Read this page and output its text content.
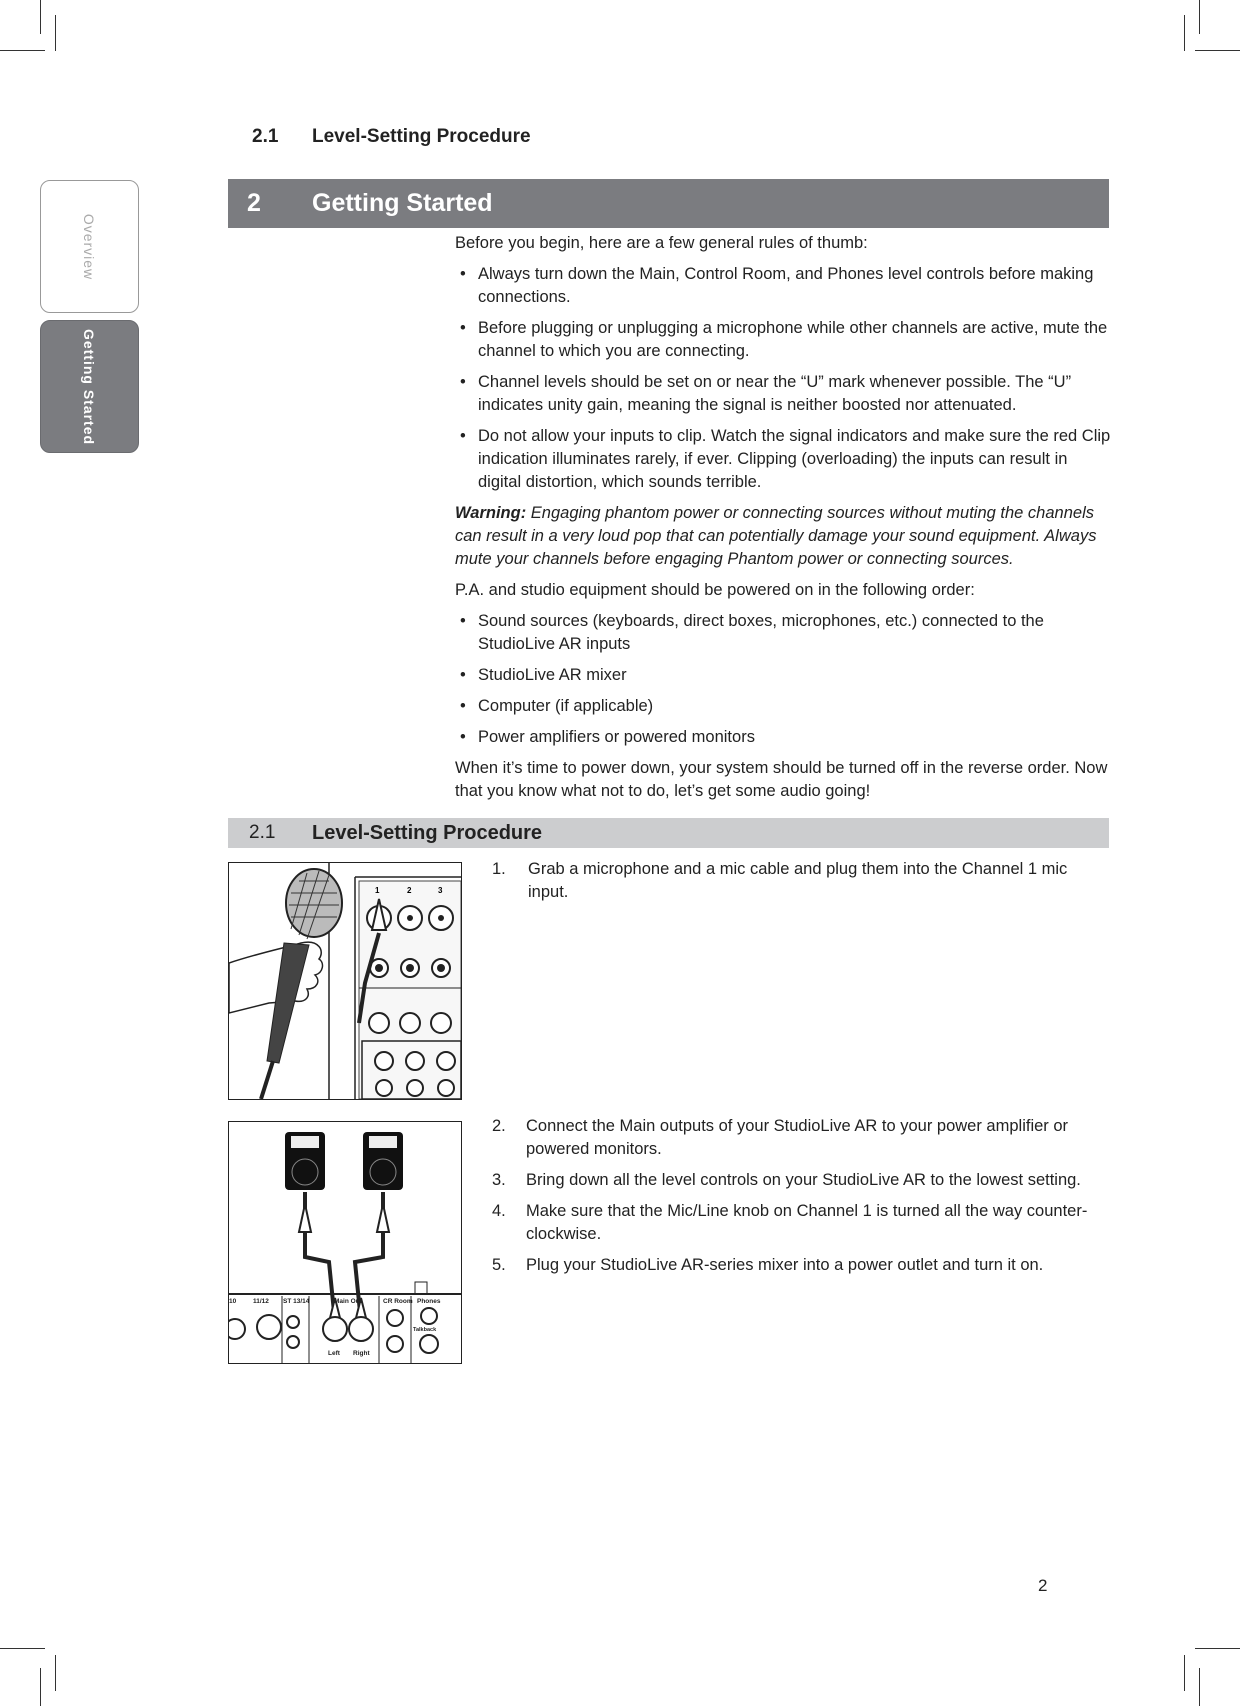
2.1 Level-Setting Procedure
Overview
Getting Started
2	Getting Started

Before you begin, here are a few general rules of thumb:

• Always turn down the Main, Control Room, and Phones level controls before making connections.
• Before plugging or unplugging a microphone while other channels are active, mute the channel to which you are connecting.
• Channel levels should be set on or near the “U” mark whenever possible. The “U” indicates unity gain, meaning the signal is neither boosted nor attenuated.
• Do not allow your inputs to clip. Watch the signal indicators and make sure the red Clip indication illuminates rarely, if ever. Clipping (overloading) the inputs can result in digital distortion, which sounds terrible.

Warning: Engaging phantom power or connecting sources without muting the channels can result in a very loud pop that can potentially damage your sound equipment. Always mute your channels before engaging Phantom power or connecting sources.

P.A. and studio equipment should be powered on in the following order:

• Sound sources (keyboards, direct boxes, microphones, etc.) connected to the StudioLive AR inputs
• StudioLive AR mixer
• Computer (if applicable)
• Power amplifiers or powered monitors

When it’s time to power down, your system should be turned off in the reverse order. Now that you know what not to do, let’s get some audio going!

2.1	Level-Setting Procedure
1	2	3
1. Grab a microphone and a mic cable and plug them into the Channel 1 mic input.
10	11/12 ST 13/14	Main Out	CR Room Phones
Left Right
Talkback
2. Connect the Main outputs of your StudioLive AR to your power amplifier or powered monitors.
3. Bring down all the level controls on your StudioLive AR to the lowest setting.
4. Make sure that the Mic/Line knob on Channel 1 is turned all the way counter-clockwise.
5. Plug your StudioLive AR-series mixer into a power outlet and turn it on.
2
